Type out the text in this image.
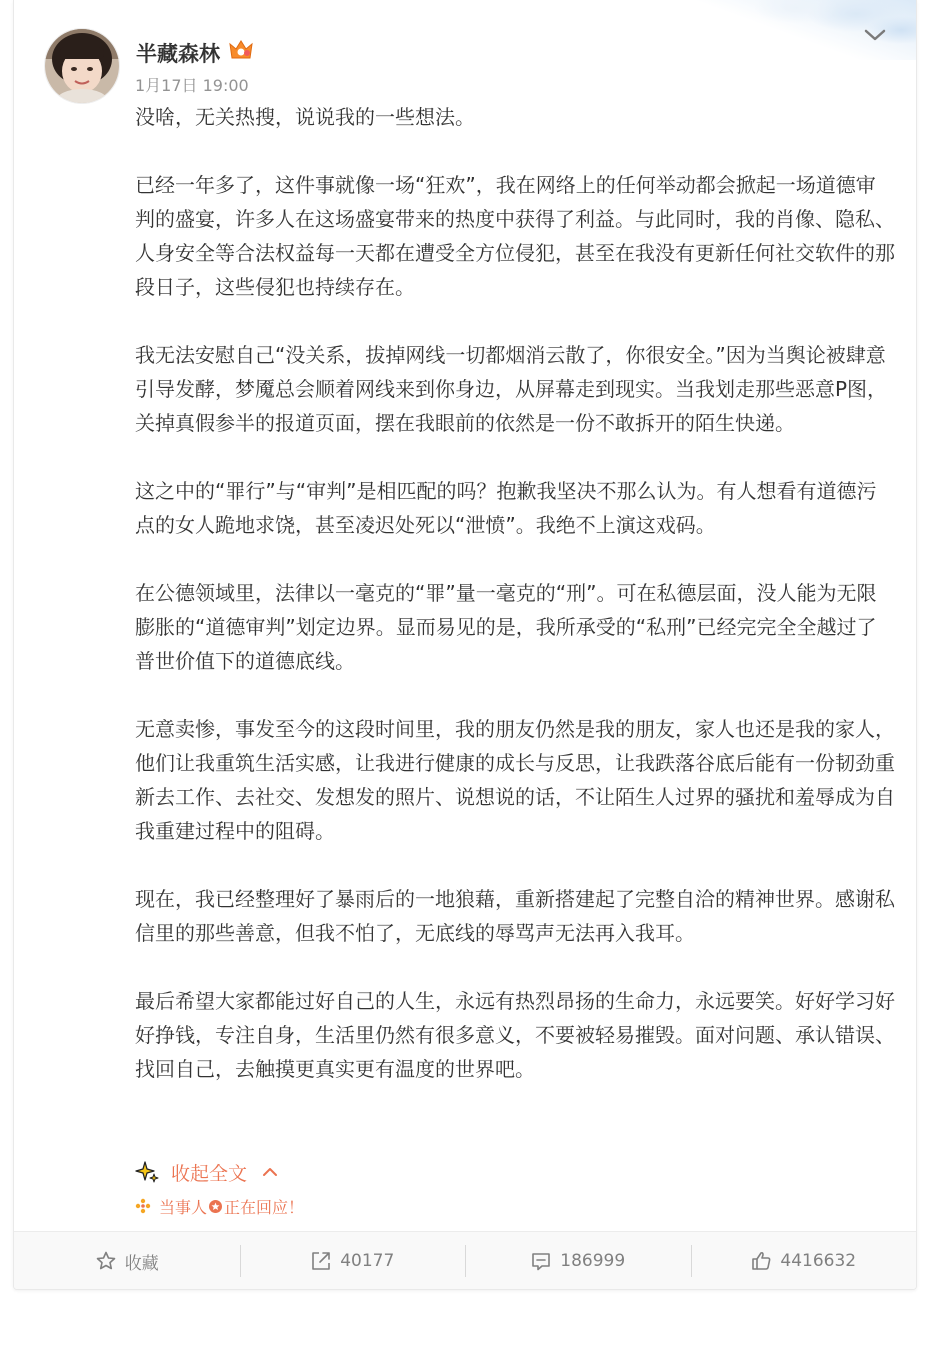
半藏森林
1月17日 19:00

没啥，无关热搜，说说我的一些想法。

已经一年多了，这件事就像一场“狂欢”，我在网络上的任何举动都会掀起一场道德审判的盛宴，许多人在这场盛宴带来的热度中获得了利益。与此同时，我的肖像、隐私、人身安全等合法权益每一天都在遭受全方位侵犯，甚至在我没有更新任何社交软件的那段日子，这些侵犯也持续存在。

我无法安慰自己“没关系，拔掉网线一切都烟消云散了，你很安全。”因为当舆论被肆意引导发酵，梦魇总会顺着网线来到你身边，从屏幕走到现实。当我划走那些恶意P图，关掉真假参半的报道页面，摆在我眼前的依然是一份不敢拆开的陌生快递。

这之中的“罪行”与“审判”是相匹配的吗？抱歉我坚决不那么认为。有人想看有道德污点的女人跪地求饶，甚至凌迟处死以“泄愤”。我绝不上演这戏码。

在公德领域里，法律以一毫克的“罪”量一毫克的“刑”。可在私德层面，没人能为无限膨胀的“道德审判”划定边界。显而易见的是，我所承受的“私刑”已经完完全全越过了普世价值下的道德底线。

无意卖惨，事发至今的这段时间里，我的朋友仍然是我的朋友，家人也还是我的家人，他们让我重筑生活实感，让我进行健康的成长与反思，让我跌落谷底后能有一份韧劲重新去工作、去社交、发想发的照片、说想说的话，不让陌生人过界的骚扰和羞辱成为自我重建过程中的阻碍。

现在，我已经整理好了暴雨后的一地狼藉，重新搭建起了完整自洽的精神世界。感谢私信里的那些善意，但我不怕了，无底线的辱骂声无法再入我耳。

最后希望大家都能过好自己的人生，永远有热烈昂扬的生命力，永远要笑。好好学习好好挣钱，专注自身，生活里仍然有很多意义，不要被轻易摧毁。面对问题、承认错误、找回自己，去触摸更真实更有温度的世界吧。

收起全文
当事人 正在回应！
收藏	40177	186999	4416632
